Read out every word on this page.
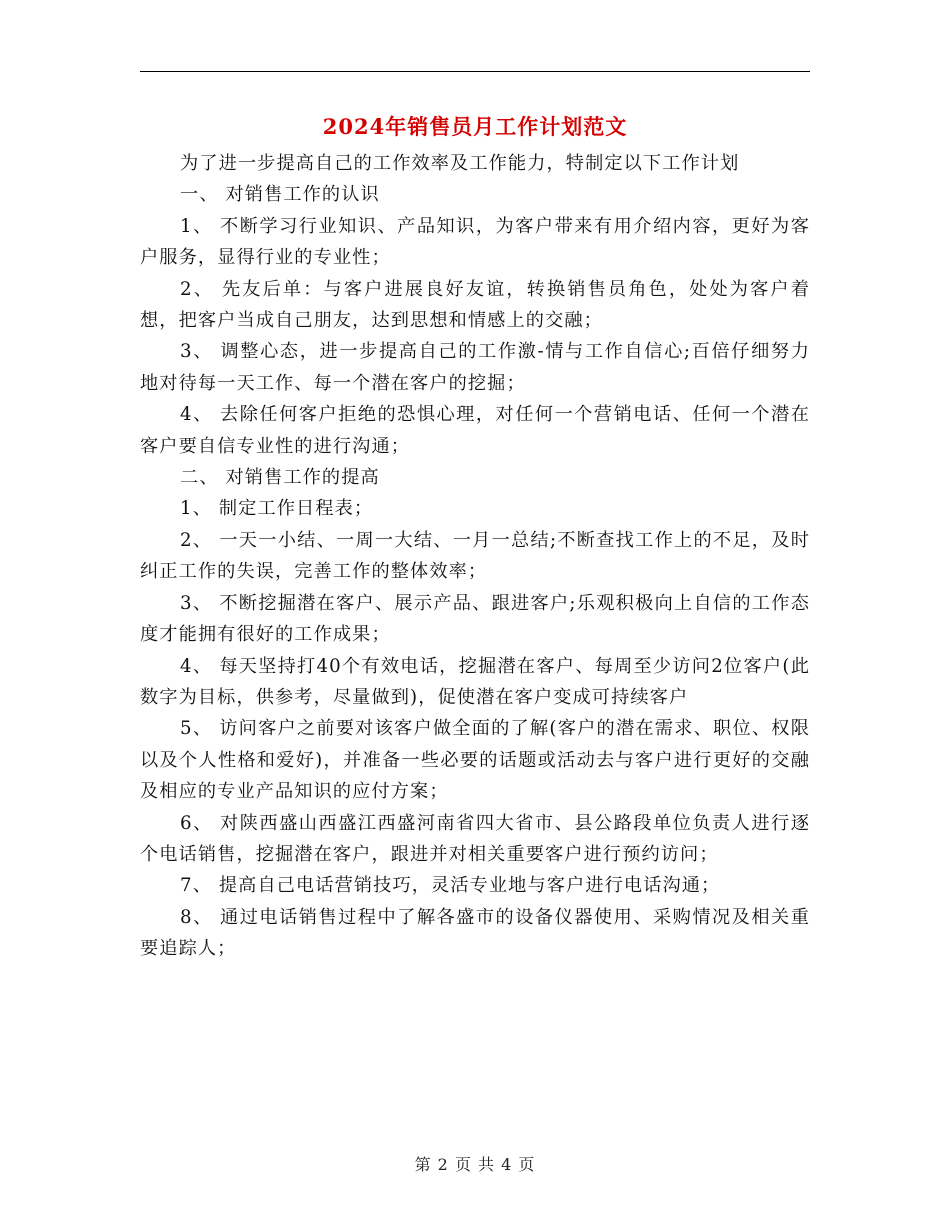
2024年销售员月工作计划范文

为了进一步提高自己的工作效率及工作能力，特制定以下工作计划

一、 对销售工作的认识

1、 不断学习行业知识、产品知识，为客户带来有用介绍内容，更好为客户服务，显得行业的专业性；

2、 先友后单：与客户进展良好友谊，转换销售员角色，处处为客户着想，把客户当成自己朋友，达到思想和情感上的交融；

3、 调整心态，进一步提高自己的工作激-情与工作自信心;百倍仔细努力地对待每一天工作、每一个潜在客户的挖掘；

4、 去除任何客户拒绝的恐惧心理，对任何一个营销电话、任何一个潜在客户要自信专业性的进行沟通；

二、 对销售工作的提高

1、 制定工作日程表；

2、 一天一小结、一周一大结、一月一总结;不断查找工作上的不足，及时纠正工作的失误，完善工作的整体效率；

3、 不断挖掘潜在客户、展示产品、跟进客户;乐观积极向上自信的工作态度才能拥有很好的工作成果；

4、 每天坚持打40个有效电话，挖掘潜在客户、每周至少访问2位客户(此数字为目标，供参考，尽量做到)，促使潜在客户变成可持续客户

5、 访问客户之前要对该客户做全面的了解(客户的潜在需求、职位、权限以及个人性格和爱好)，并准备一些必要的话题或活动去与客户进行更好的交融及相应的专业产品知识的应付方案；

6、 对陕西盛山西盛江西盛河南省四大省市、县公路段单位负责人进行逐个电话销售，挖掘潜在客户，跟进并对相关重要客户进行预约访问；

7、 提高自己电话营销技巧，灵活专业地与客户进行电话沟通；

8、 通过电话销售过程中了解各盛市的设备仪器使用、采购情况及相关重要追踪人；

第 2 页 共 4 页
